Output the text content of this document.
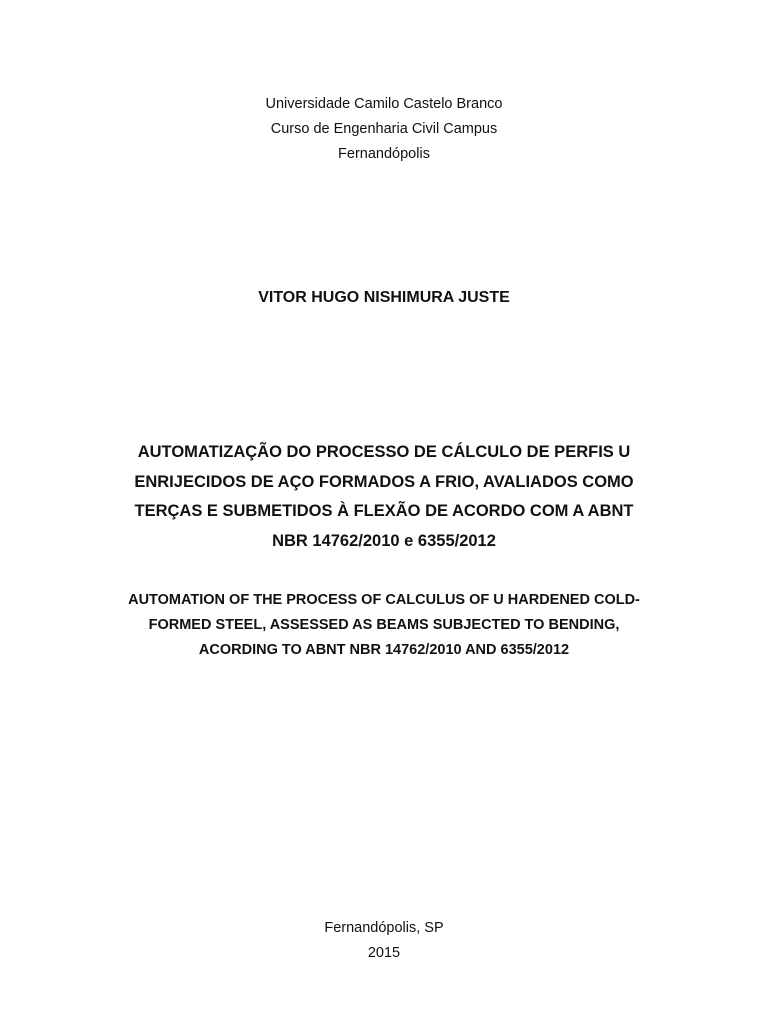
Universidade Camilo Castelo Branco
Curso de Engenharia Civil Campus
Fernandópolis
VITOR HUGO NISHIMURA JUSTE
AUTOMATIZAÇÃO DO PROCESSO DE CÁLCULO DE PERFIS U
ENRIJECIDOS DE AÇO FORMADOS A FRIO, AVALIADOS COMO
TERÇAS E SUBMETIDOS À FLEXÃO DE ACORDO COM A ABNT
NBR 14762/2010 e 6355/2012
AUTOMATION OF THE PROCESS OF CALCULUS OF U HARDENED COLD-
FORMED STEEL, ASSESSED AS BEAMS SUBJECTED TO BENDING,
ACORDING TO ABNT NBR 14762/2010 AND 6355/2012
Fernandópolis, SP
2015
